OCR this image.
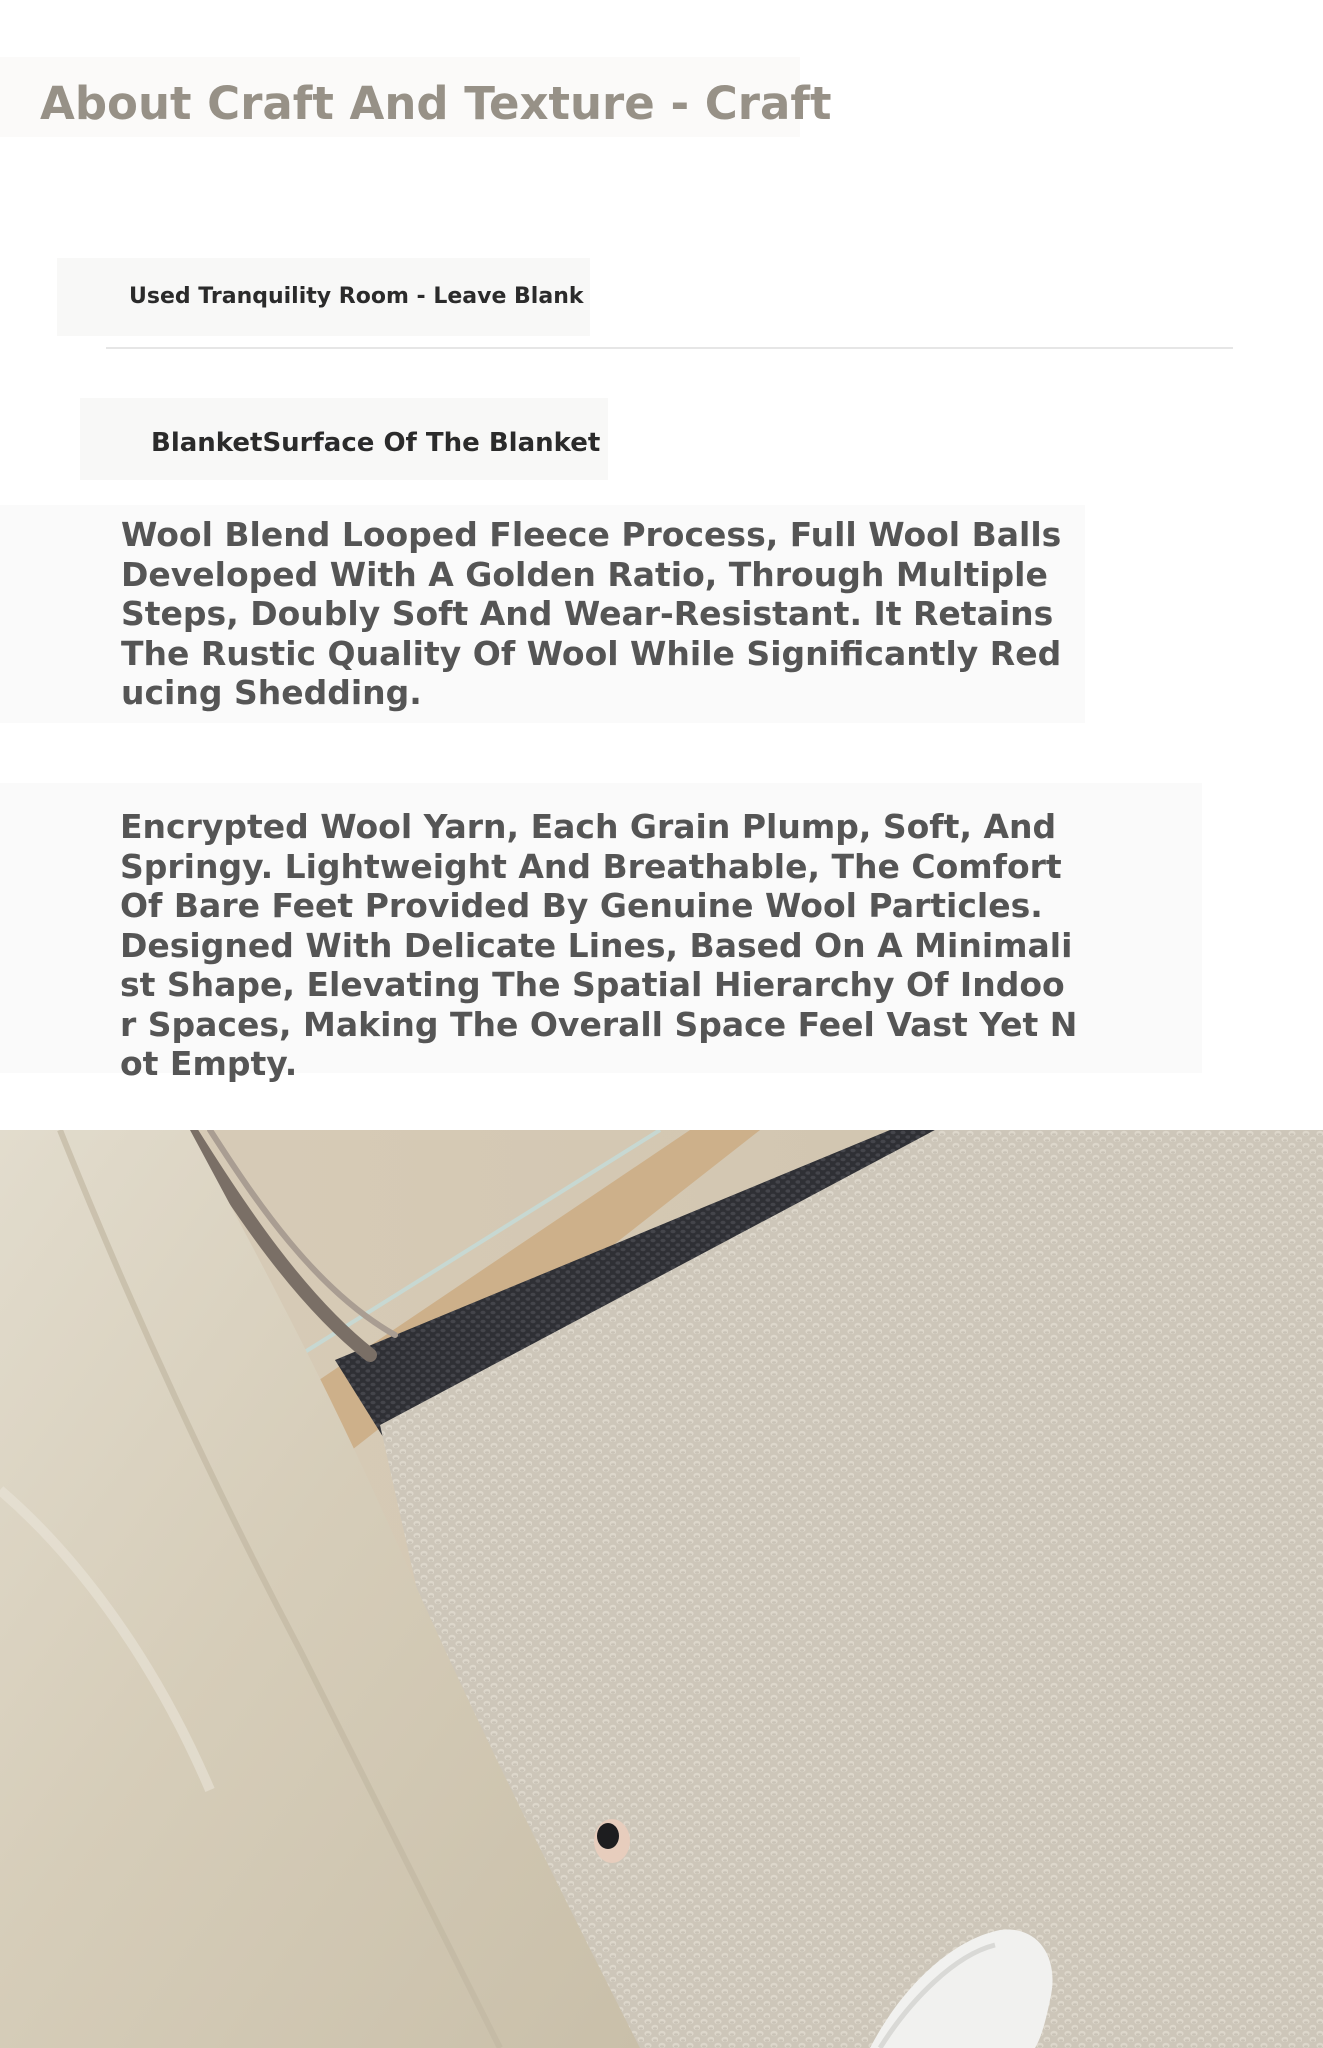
About Craft And Texture - Craft
Used Tranquility Room - Leave Blank
BlanketSurface Of The Blanket

Wool Blend Looped Fleece Process, Full Wool Balls Developed With A Golden Ratio, Through Multiple Steps, Doubly Soft And Wear-Resistant. It Retains The Rustic Quality Of Wool While Significantly Reducing Shedding.

Encrypted Wool Yarn, Each Grain Plump, Soft, And Springy. Lightweight And Breathable, The Comfort Of Bare Feet Provided By Genuine Wool Particles. Designed With Delicate Lines, Based On A Minimalist Shape, Elevating The Spatial Hierarchy Of Indoor Spaces, Making The Overall Space Feel Vast Yet Not Empty.
